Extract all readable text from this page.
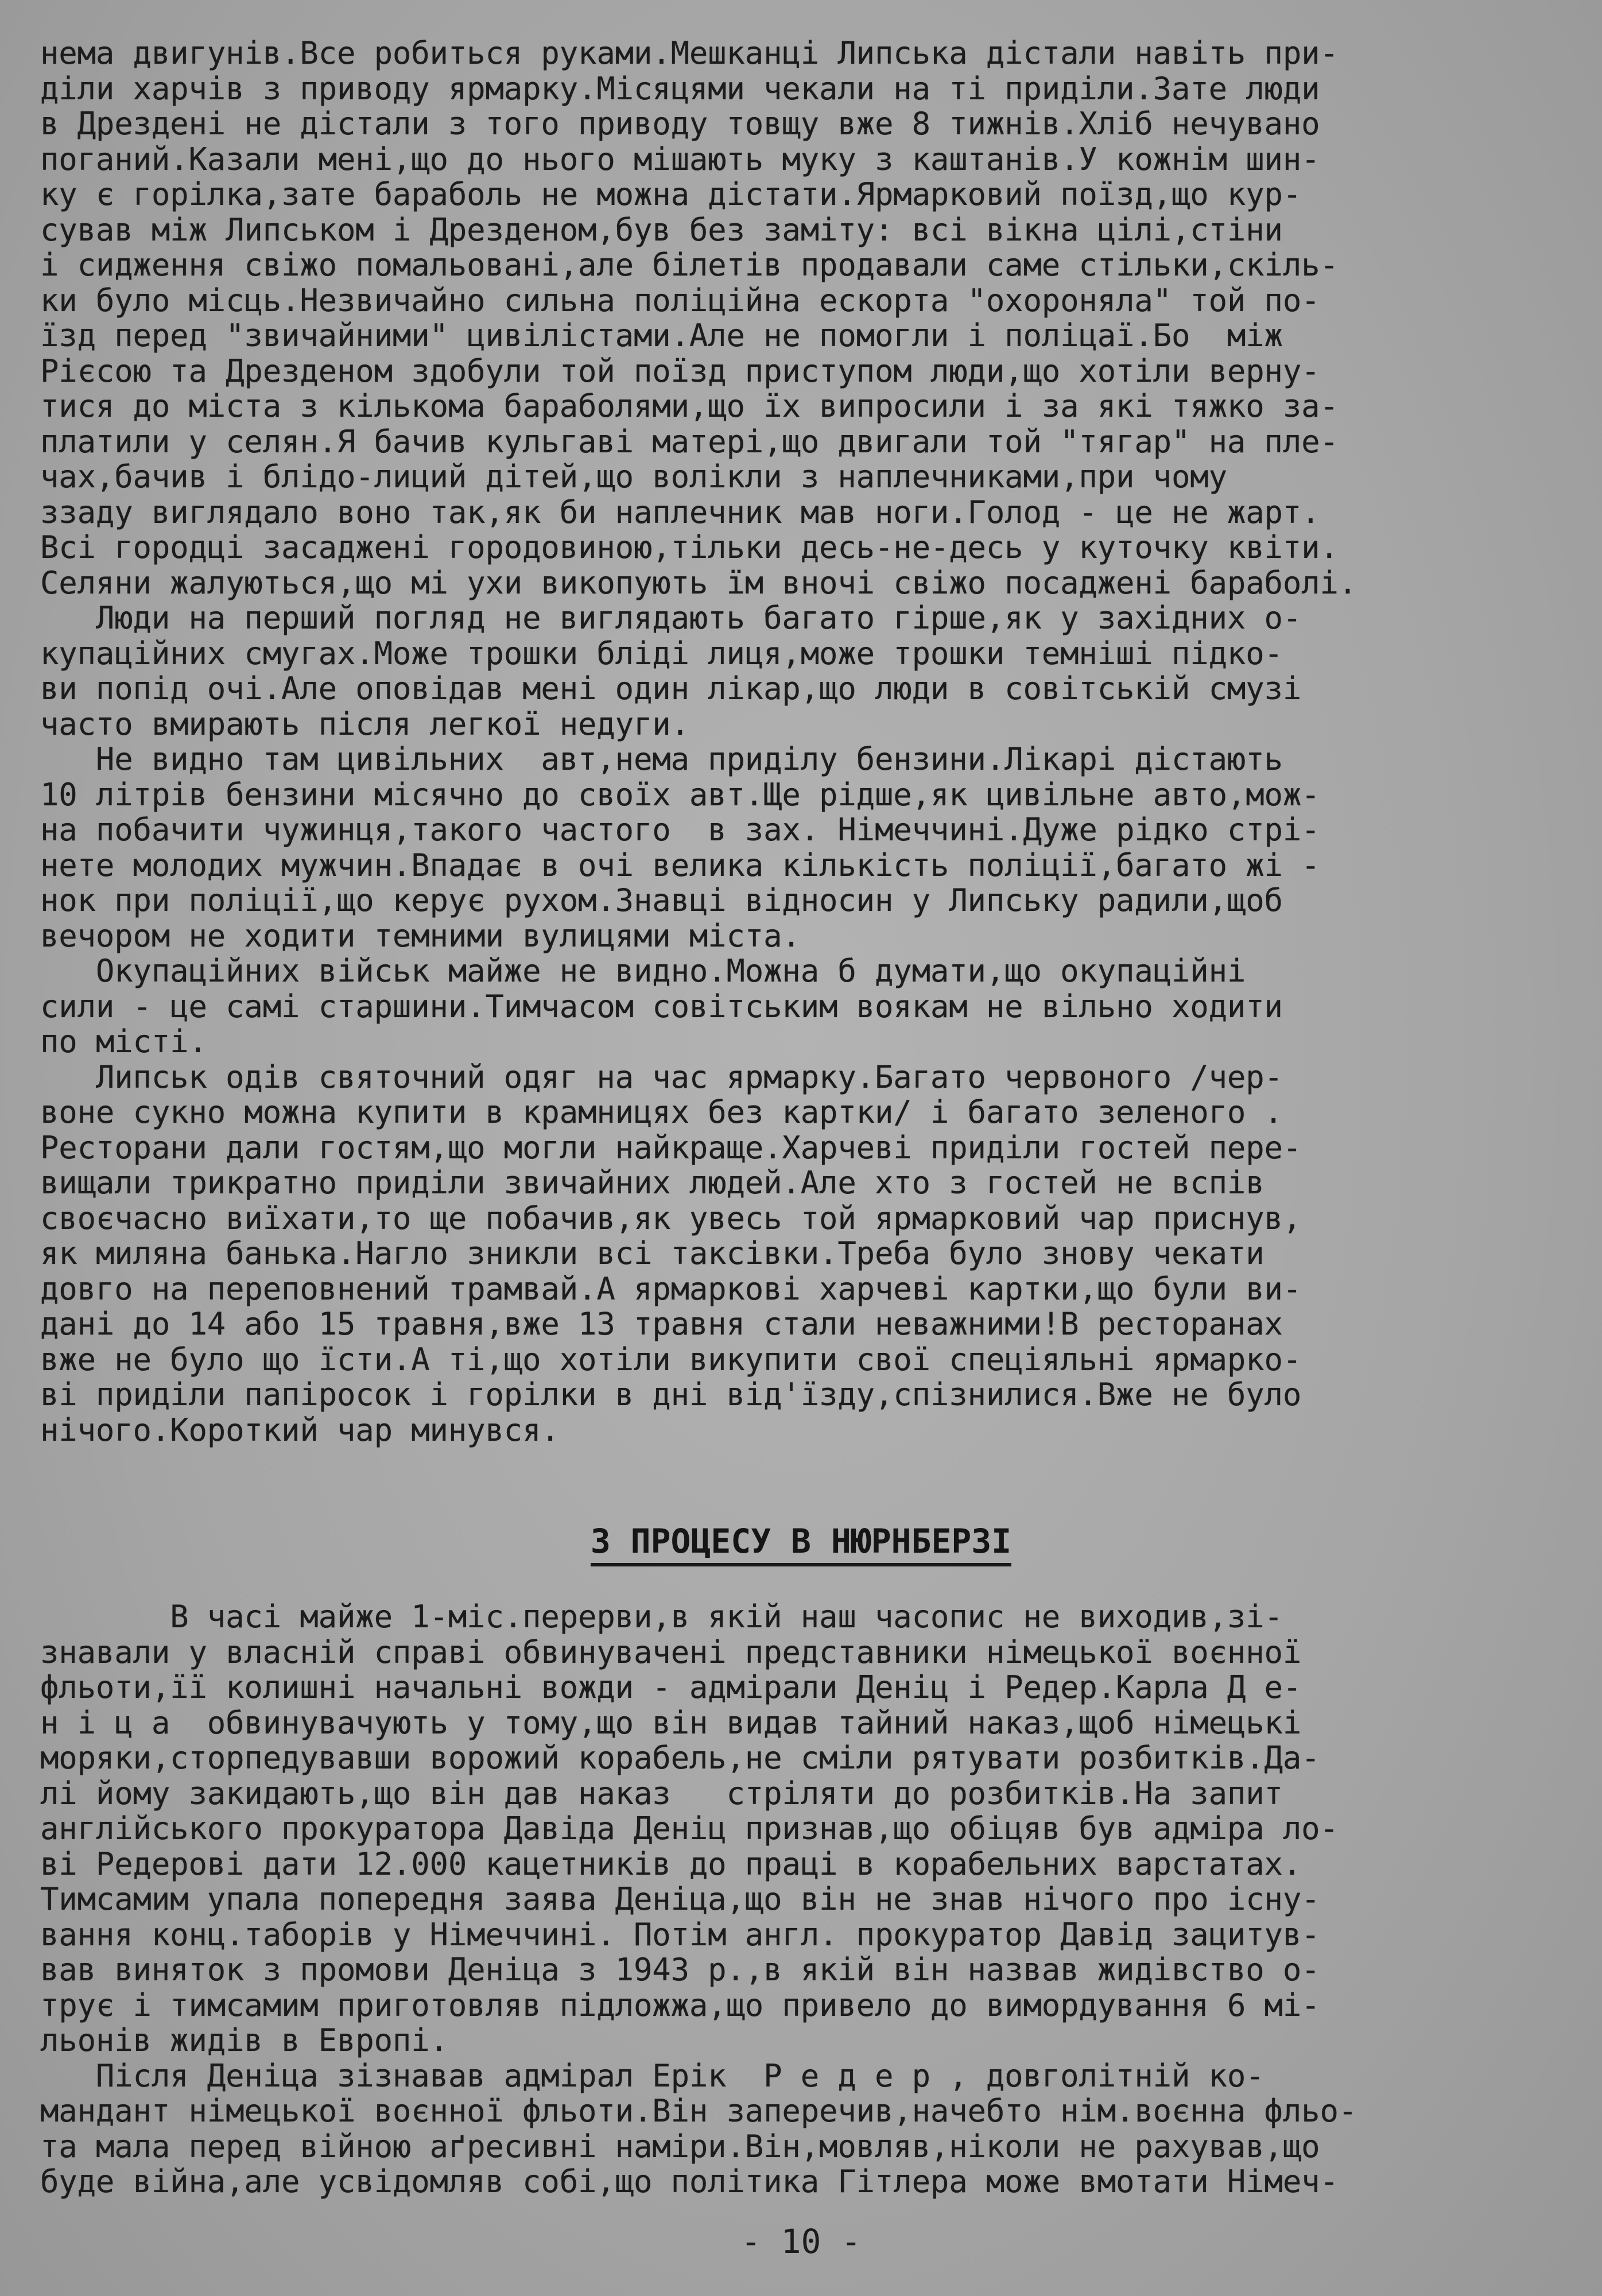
нема двигунів.Все робиться руками.Мешканці Липська дістали навіть при-
діли харчів з приводу ярмарку.Місяцями чекали на ті приділи.Зате люди
в Дрездені не дістали з того приводу товщу вже 8 тижнів.Хліб нечувано
поганий.Казали мені,що до нього мішають муку з каштанів.У кожнім шин-
ку є горілка,зате бараболь не можна дістати.Ярмарковий поїзд,що кур-
сував між Липськом і Дрезденом,був без заміту: всі вікна цілі,стіни
і сидження свіжо помальовані,але білетів продавали саме стільки,скіль-
ки було місць.Незвичайно сильна поліційна ескорта "охороняла" той по-
їзд перед "звичайними" цивілістами.Але не помогли і поліцаї.Бо  між
Рієсою та Дрезденом здобули той поїзд приступом люди,що хотіли верну-
тися до міста з кількома бараболями,що їх випросили і за які тяжко за-
платили у селян.Я бачив кульгаві матері,що двигали той "тягар" на пле-
чах,бачив і блідо-лиций дітей,що волікли з наплечниками,при чому
ззаду виглядало воно так,як би наплечник мав ноги.Голод - це не жарт.
Всі городці засаджені городовиною,тільки десь-не-десь у куточку квіти.
Селяни жалуються,що мі ухи викопують їм вночі свіжо посаджені бараболі.
Люди на перший погляд не виглядають багато гірше,як у західних о-
купаційних смугах.Може трошки бліді лиця,може трошки темніші підко-
ви попід очі.Але оповідав мені один лікар,що люди в совітській смузі
часто вмирають після легкої недуги.
Не видно там цивільних  авт,нема приділу бензини.Лікарі дістають
10 літрів бензини місячно до своїх авт.Ще рідше,як цивільне авто,мож-
на побачити чужинця,такого частого  в зах. Німеччині.Дуже рідко стрі-
нете молодих мужчин.Впадає в очі велика кількість поліції,багато жі -
нок при поліції,що керує рухом.Знавці відносин у Липську радили,щоб
вечором не ходити темними вулицями міста.
Окупаційних військ майже не видно.Можна б думати,що окупаційні
сили - це самі старшини.Тимчасом совітським воякам не вільно ходити
по місті.
Липськ одів святочний одяг на час ярмарку.Багато червоного /чер-
воне сукно можна купити в крамницях без картки/ і багато зеленого .
Ресторани дали гостям,що могли найкраще.Харчеві приділи гостей пере-
вищали трикратно приділи звичайних людей.Але хто з гостей не вспів
своєчасно виїхати,то ще побачив,як увесь той ярмарковий чар приснув,
як миляна банька.Нагло зникли всі таксівки.Треба було знову чекати
довго на переповнений трамвай.А ярмаркові харчеві картки,що були ви-
дані до 14 або 15 травня,вже 13 травня стали неважними!В ресторанах
вже не було що їсти.А ті,що хотіли викупити свої спеціяльні ярмарко-
ві приділи папіросок і горілки в дні від'їзду,спізнилися.Вже не було
нічого.Короткий чар минувся.
З ПРОЦЕСУ В НЮРНБЕРЗІ
В часі майже 1-міс.перерви,в якій наш часопис не виходив,зі-
знавали у власній справі обвинувачені представники німецької воєнної
фльоти,її колишні начальні вожди - адмірали Деніц і Редер.Карла Д е-
н і ц а  обвинувачують у тому,що він видав тайний наказ,щоб німецькі
моряки,сторпедувавши ворожий корабель,не сміли рятувати розбитків.Да-
лі йому закидають,що він дав наказ   стріляти до розбитків.На запит
англійського прокуратора Давіда Деніц признав,що обіцяв був адміра ло-
ві Редерові дати 12.000 кацетників до праці в корабельних варстатах.
Тимсамим упала попередня заява Деніца,що він не знав нічого про існу-
вання конц.таборів у Німеччині. Потім англ. прокуратор Давід зацитув-
вав виняток з промови Деніца з 1943 р.,в якій він назвав жидівство о-
трує і тимсамим приготовляв підложжа,що привело до вимордування 6 мі-
льонів жидів в Европі.
Після Деніца зізнавав адмірал Ерік  Р е д е р , довголітній ко-
мандант німецької воєнної фльоти.Він заперечив,начебто нім.воєнна фльо-
та мала перед війною аґресивні наміри.Він,мовляв,ніколи не рахував,що
буде війна,але усвідомляв собі,що політика Гітлера може вмотати Німеч-
- 10 -
